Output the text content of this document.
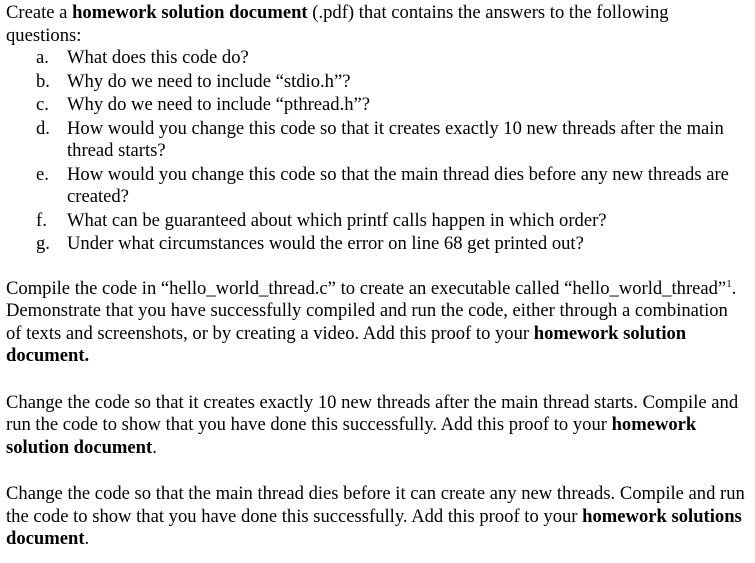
Create a homework solution document (.pdf) that contains the answers to the following questions:

a. What does this code do?
b. Why do we need to include “stdio.h”?
c. Why do we need to include “pthread.h”?
d. How would you change this code so that it creates exactly 10 new threads after the main thread starts?
e. How would you change this code so that the main thread dies before any new threads are created?
f. What can be guaranteed about which printf calls happen in which order?
g. Under what circumstances would the error on line 68 get printed out?

Compile the code in “hello_world_thread.c” to create an executable called “hello_world_thread”$^1$. Demonstrate that you have successfully compiled and run the code, either through a combination of texts and screenshots, or by creating a video. Add this proof to your homework solution document.

Change the code so that it creates exactly 10 new threads after the main thread starts. Compile and run the code to show that you have done this successfully. Add this proof to your homework solution document.

Change the code so that the main thread dies before it can create any new threads. Compile and run the code to show that you have done this successfully. Add this proof to your homework solutions document.
